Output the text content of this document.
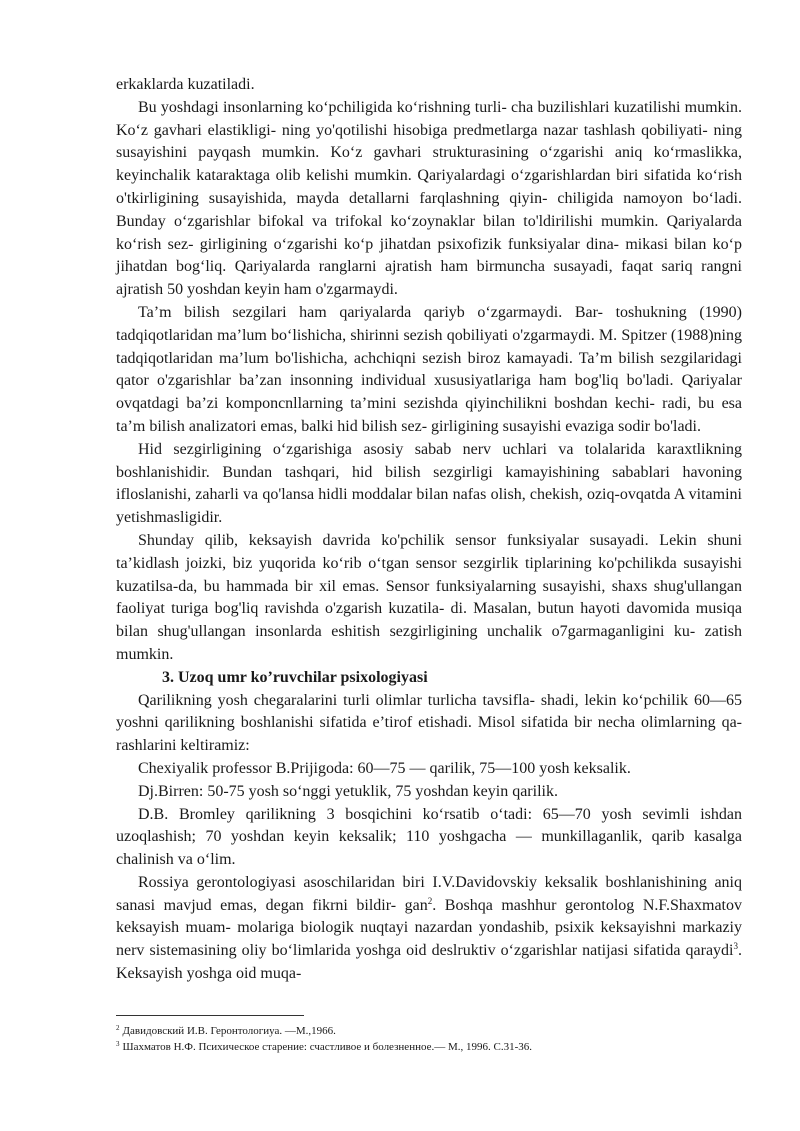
erkaklarda kuzatiladi.

Bu yoshdagi insonlarning ko‘pchiligida ko‘rishning turli- cha buzilishlari kuzatilishi mumkin. Ko‘z gavhari elastikligi- ning yo'qotilishi hisobiga predmetlarga nazar tashlash qobiliyati- ning susayishini payqash mumkin. Ko‘z gavhari strukturasining o‘zgarishi aniq ko‘rmaslikka, keyinchalik kataraktaga olib kelishi mumkin. Qariyalardagi o‘zgarishlardan biri sifatida ko‘rish o'tkirligining susayishida, mayda detallarni farqlashning qiyin- chiligida namoyon bo‘ladi. Bunday o‘zgarishlar bifokal va trifokal ko‘zoynaklar bilan to'ldirilishi mumkin. Qariyalarda ko‘rish sez- girligining o‘zgarishi ko‘p jihatdan psixofizik funksiyalar dina- mikasi bilan ko‘p jihatdan bog‘liq. Qariyalarda ranglarni ajratish ham birmuncha susayadi, faqat sariq rangni ajratish 50 yoshdan keyin ham o'zgarmaydi.

Ta’m bilish sezgilari ham qariyalarda qariyb o‘zgarmaydi. Bar- toshukning (1990) tadqiqotlaridan ma’lum bo‘lishicha, shirinni sezish qobiliyati o'zgarmaydi. M. Spitzer (1988)ning tadqiqotlaridan ma’lum bo'lishicha, achchiqni sezish biroz kamayadi. Ta’m bilish sezgilaridagi qator o'zgarishlar ba’zan insonning individual xususiyatlariga ham bog'liq bo'ladi. Qariyalar ovqatdagi ba’zi komponcnllarning ta’mini sezishda qiyinchilikni boshdan kechi- radi, bu esa ta’m bilish analizatori emas, balki hid bilish sez- girligining susayishi evaziga sodir bo'ladi.

Hid sezgirligining o‘zgarishiga asosiy sabab nerv uchlari va tolalarida karaxtlikning boshlanishidir. Bundan tashqari, hid bilish sezgirligi kamayishining sabablari havoning ifloslanishi, zaharli va qo'lansa hidli moddalar bilan nafas olish, chekish, oziq-ovqatda A vitamini yetishmasligidir.

Shunday qilib, keksayish davrida ko'pchilik sensor funksiyalar susayadi. Lekin shuni ta’kidlash joizki, biz yuqorida ko‘rib o‘tgan sensor sezgirlik tiplarining ko'pchilikda susayishi kuzatilsa-da, bu hammada bir xil emas. Sensor funksiyalarning susayishi, shaxs shug'ullangan faoliyat turiga bog'liq ravishda o'zgarish kuzatila- di. Masalan, butun hayoti davomida musiqa bilan shug'ullangan insonlarda eshitish sezgirligining unchalik o7garmaganligini ku- zatish mumkin.

3. Uzoq umr ko’ruvchilar psixologiyasi

Qarilikning yosh chegaralarini turli olimlar turlicha tavsifla- shadi, lekin ko‘pchilik 60—65 yoshni qarilikning boshlanishi sifatida e’tirof etishadi. Misol sifatida bir necha olimlarning qa- rashlarini keltiramiz:

Chexiyalik professor B.Prijigoda: 60—75 — qarilik, 75—100 yosh keksalik.

Dj.Birren: 50-75 yosh so‘nggi yetuklik, 75 yoshdan keyin qarilik.

D.B. Bromley qarilikning 3 bosqichini ko‘rsatib o‘tadi: 65—70 yosh sevimli ishdan uzoqlashish; 70 yoshdan keyin keksalik; 110 yoshgacha — munkillaganlik, qarib kasalga chalinish va o‘lim.

Rossiya gerontologiyasi asoschilaridan biri I.V.Davidovskiy keksalik boshlanishining aniq sanasi mavjud emas, degan fikrni bildir- gan$^2$. Boshqa mashhur gerontolog N.F.Shaxmatov keksayish muam- molariga biologik nuqtayi nazardan yondashib, psixik keksayishni markaziy nerv sistemasining oliy bo‘limlarida yoshga oid deslruktiv o‘zgarishlar natijasi sifatida qaraydi$^3$. Keksayish yoshga oid muqa-

$^2$ Давидовский И.В. Геронтологиуа. —М.,1966.
$^3$ Шахматов Н.Ф. Психическое старение: счастливое и болезненное.— М., 1996. С.31-36.
